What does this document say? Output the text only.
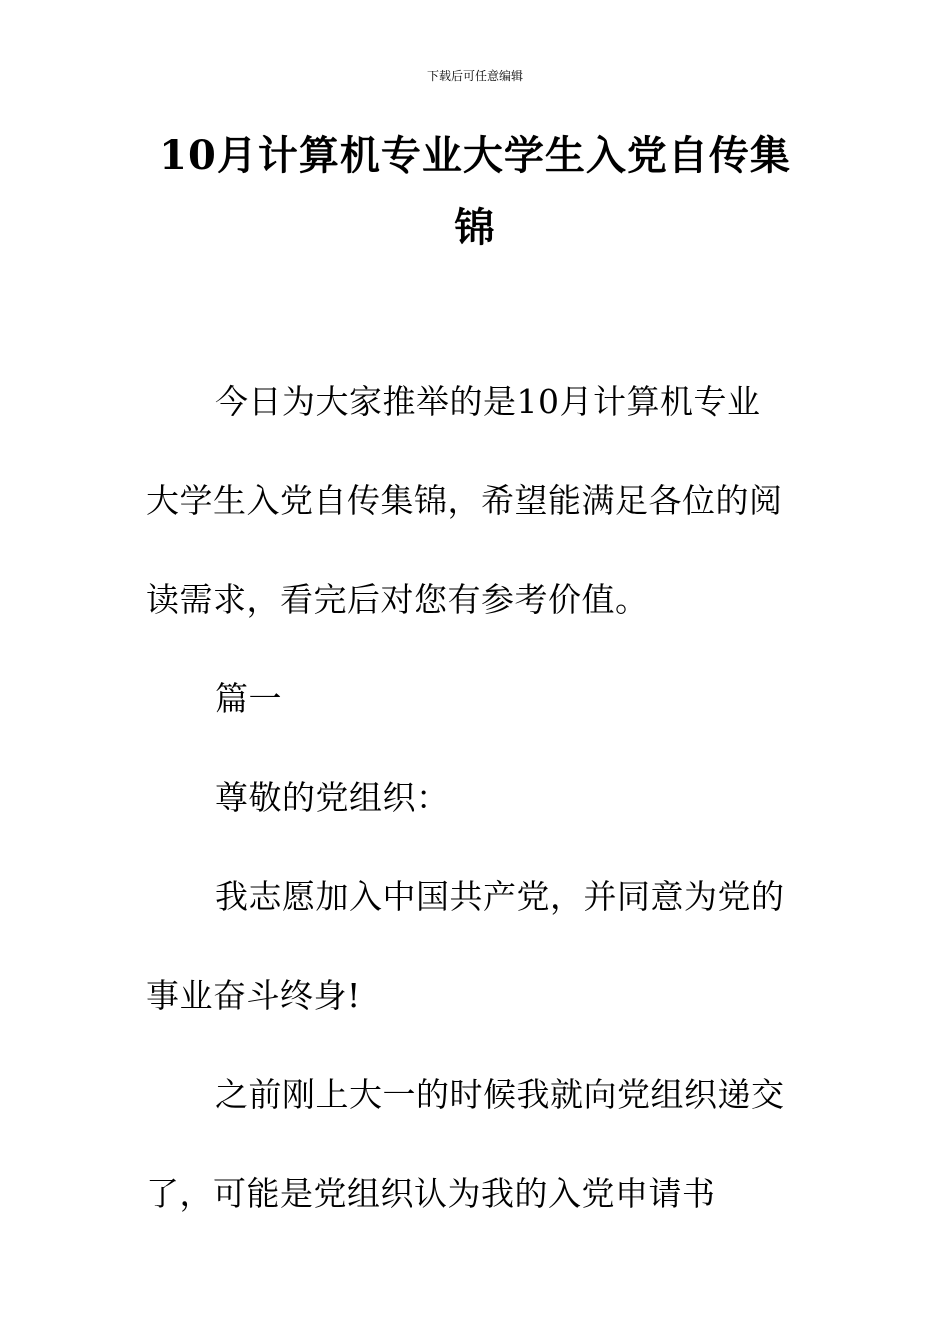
下载后可任意编辑
10月计算机专业大学生入党自传集锦

今日为大家推举的是10月计算机专业大学生入党自传集锦，希望能满足各位的阅读需求，看完后对您有参考价值。

篇一

尊敬的党组织：

我志愿加入中国共产党，并同意为党的事业奋斗终身!

之前刚上大一的时候我就向党组织递交了，可能是党组织认为我的入党申请书
